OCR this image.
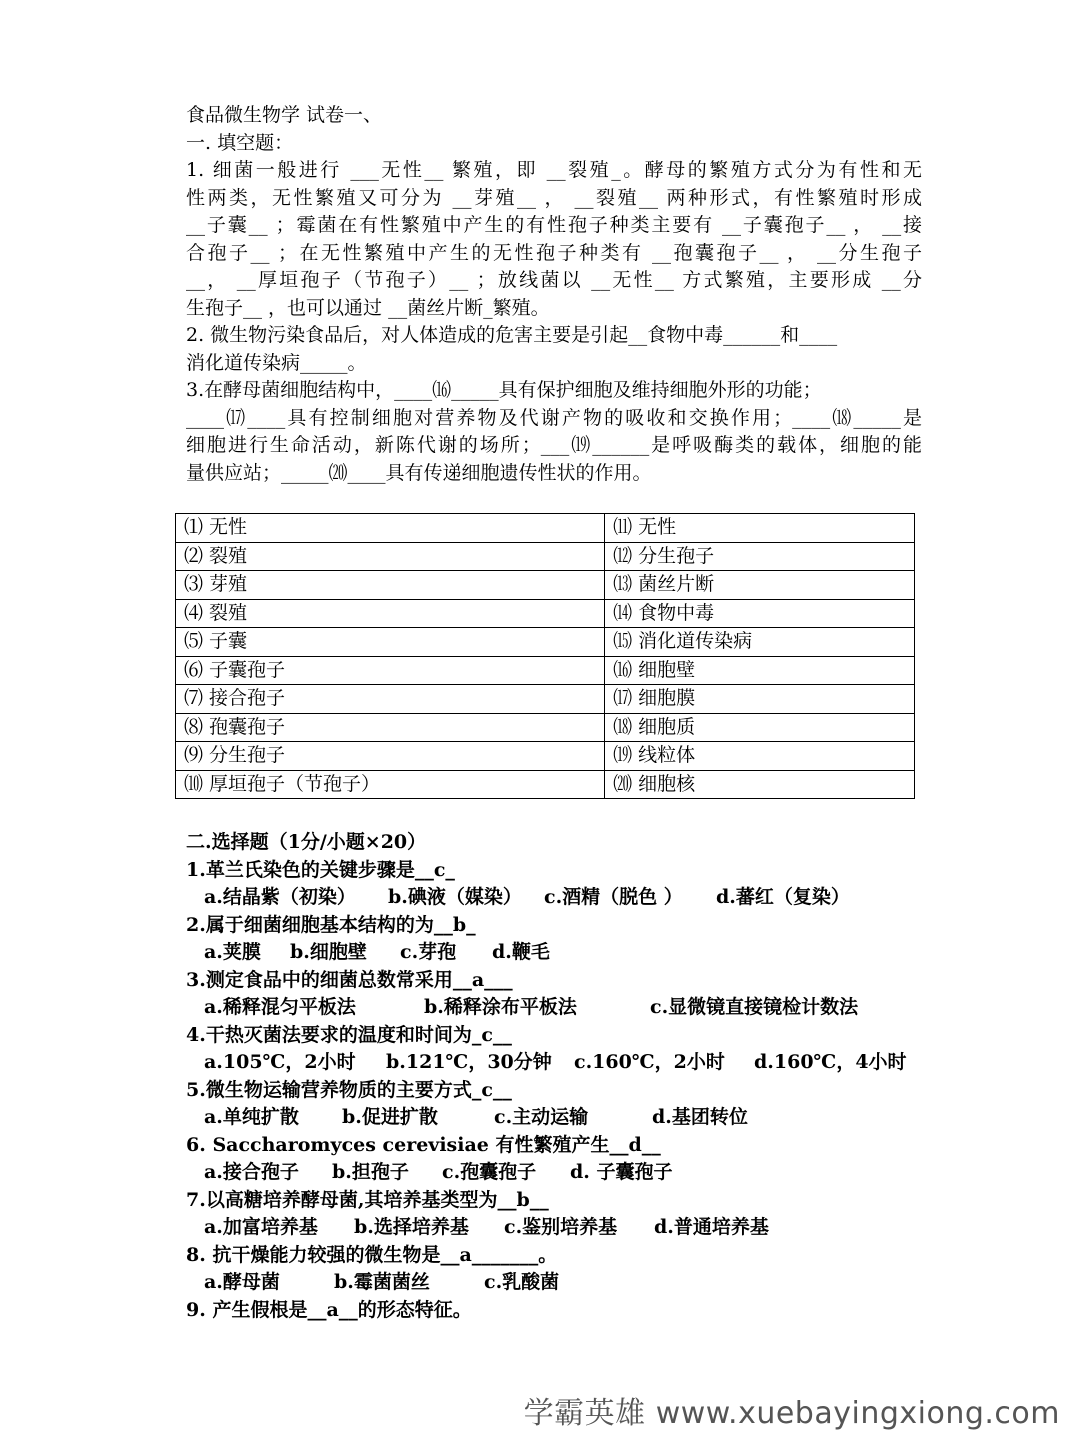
食品微生物学 试卷一、
一. 填空题：
1. 细菌一般进行 ___无性__ 繁殖，即 __裂殖_。酵母的繁殖方式分为有性和无
性两类，无性繁殖又可分为 __芽殖__ ， __裂殖__ 两种形式，有性繁殖时形成
__子囊__ ；霉菌在有性繁殖中产生的有性孢子种类主要有 __子囊孢子__ ， __接
合孢子__ ；在无性繁殖中产生的无性孢子种类有 __孢囊孢子__ ， __分生孢子
__， __厚垣孢子（节孢子）__ ；放线菌以 __无性__ 方式繁殖，主要形成 __分
生孢子__ ，也可以通过 __菌丝片断_繁殖。
2. 微生物污染食品后，对人体造成的危害主要是引起__食物中毒______和____
消化道传染病_____。
3.在酵母菌细胞结构中，____⒃_____具有保护细胞及维持细胞外形的功能；
____⒄____具有控制细胞对营养物及代谢产物的吸收和交换作用；____⒅_____是
细胞进行生命活动，新陈代谢的场所；___⒆______是呼吸酶类的载体，细胞的能
量供应站；_____⒇____具有传递细胞遗传性状的作用。
⑴ 无性	⑾ 无性
⑵ 裂殖	⑿ 分生孢子
⑶ 芽殖	⒀ 菌丝片断
⑷ 裂殖	⒁ 食物中毒
⑸ 子囊	⒂ 消化道传染病
⑹ 子囊孢子	⒃ 细胞壁
⑺ 接合孢子	⒄ 细胞膜
⑻ 孢囊孢子	⒅ 细胞质
⑼ 分生孢子	⒆ 线粒体
⑽ 厚垣孢子（节孢子）	⒇ 细胞核
二.选择题（1分/小题×20）
1.革兰氏染色的关键步骤是__c_
a.结晶紫（初染） b.碘液（媒染） c.酒精（脱色 ） d.蕃红（复染）
2.属于细菌细胞基本结构的为__b_
a.荚膜 b.细胞壁 c.芽孢 d.鞭毛
3.测定食品中的细菌总数常采用__a___
a.稀释混匀平板法	b.稀释涂布平板法	c.显微镜直接镜检计数法
4.干热灭菌法要求的温度和时间为_c__
a.105℃，2小时 b.121℃，30分钟 c.160℃，2小时 d.160℃，4小时
5.微生物运输营养物质的主要方式_c__
a.单纯扩散 b.促进扩散	c.主动运输	d.基团转位
6. Saccharomyces cerevisiae 有性繁殖产生__d__
a.接合孢子 b.担孢子 c.孢囊孢子 d. 子囊孢子
7.以高糖培养酵母菌,其培养基类型为__b__
a.加富培养基 b.选择培养基 c.鉴别培养基 d.普通培养基
8. 抗干燥能力较强的微生物是__a_______。
a.酵母菌	b.霉菌菌丝	c.乳酸菌
9. 产生假根是__a__的形态特征。
学霸英雄 www.xuebayingxiong.com
